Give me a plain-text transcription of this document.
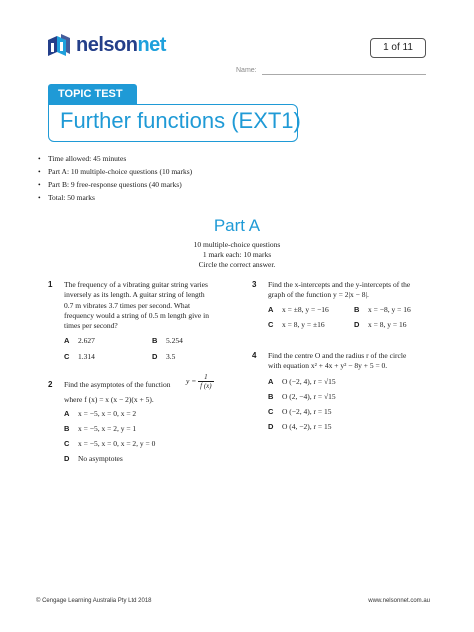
nelsonnet	1 of 11
Name:
TOPIC TEST
Further functions (EXT1)
• Time allowed: 45 minutes
• Part A: 10 multiple-choice questions (10 marks)
• Part B: 9 free-response questions (40 marks)
• Total: 50 marks
Part A
10 multiple-choice questions
1 mark each: 10 marks
Circle the correct answer.
1 The frequency of a vibrating guitar string varies
inversely as its length. A guitar string of length
0.7 m vibrates 3.7 times per second. What
frequency would a string of 0.5 m length give in
times per second?
A 2.627	B 5.254
C 1.314	D 3.5
2 Find the asymptotes of the function $y = \frac{1}{f (x)}$
where f (x) = x (x − 2)(x + 5).
A x = −5, x = 0, x = 2
B x = −5, x = 2, y = 1
C x = −5, x = 0, x = 2, y = 0
D No asymptotes
3 Find the x-intercepts and the y-intercepts of the
graph of the function y = 2|x − 8|.
A x = ±8, y = −16	B x = −8, y = 16
C x = 8, y = ±16	D x = 8, y = 16
4 Find the centre O and the radius r of the circle
with equation x² + 4x + y² − 8y + 5 = 0.
A O (−2, 4), r = √15
B O (2, −4), r = √15
C O (−2, 4), r = 15
D O (4, −2), r = 15
© Cengage Learning Australia Pty Ltd 2018	www.nelsonnet.com.au
